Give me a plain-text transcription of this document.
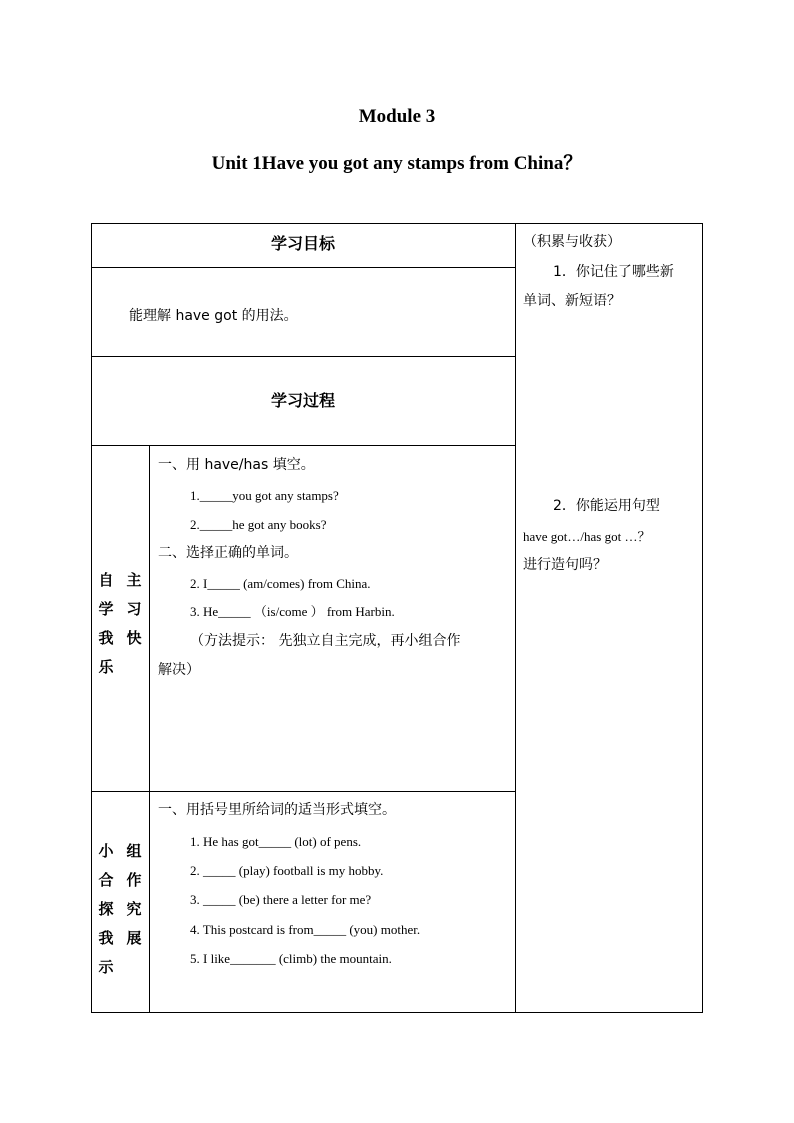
Module 3
Unit 1Have you got any stamps from China？
学习目标
能理解 have got 的用法。
学习过程
（积累与收获）
1．你记住了哪些新
单词、新短语？
2．你能运用句型
have got…/has got …？
进行造句吗？
自 主
学 习
我 快
乐
一、用 have/has 填空。
1._____you got any stamps?
2._____he got any books?
二、选择正确的单词。
2. I_____ (am/comes) from China.
3. He_____ （is/come ） from Harbin.
（方法提示： 先独立自主完成，再小组合作
解决）
小 组
合 作
探 究
我 展
示
一、用括号里所给词的适当形式填空。
1. He has got_____ (lot) of pens.
2. _____ (play) football is my hobby.
3. _____ (be) there a letter for me?
4. This postcard is from_____ (you) mother.
5. I like_______ (climb) the mountain.
